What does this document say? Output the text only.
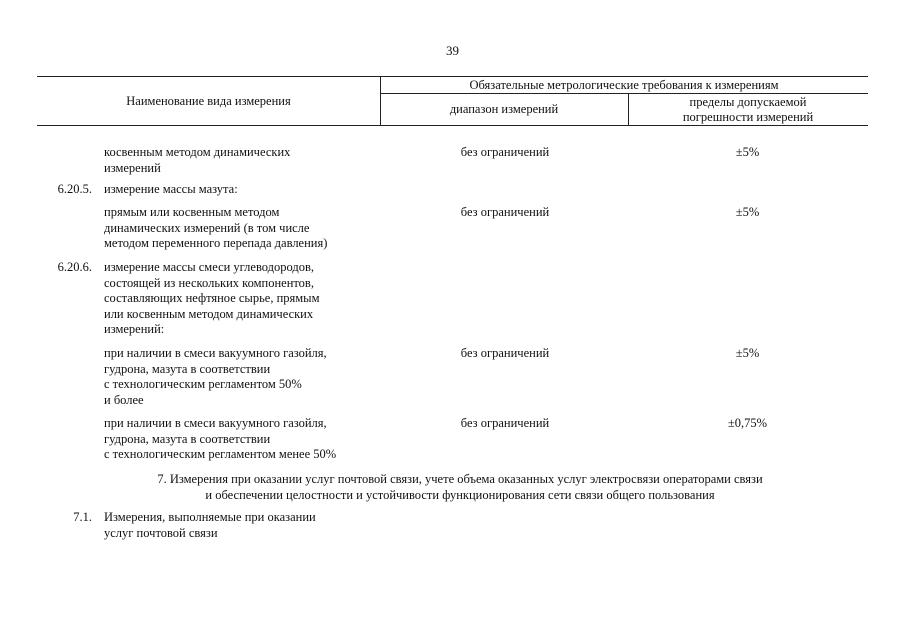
39
Наименование вида измерения
Обязательные метрологические требования к измерениям
диапазон измерений	пределы допускаемой
погрешности измерений
косвенным методом динамических
измерений
без ограничений	±5%
6.20.5. измерение массы мазута:
прямым или косвенным методом
динамических измерений (в том числе
методом переменного перепада давления)
без ограничений	±5%
6.20.6. измерение массы смеси углеводородов,
состоящей из нескольких компонентов,
составляющих нефтяное сырье, прямым
или косвенным методом динамических
измерений:
при наличии в смеси вакуумного газойля,
гудрона, мазута в соответствии
с технологическим регламентом 50%
и более
без ограничений	±5%
при наличии в смеси вакуумного газойля,
гудрона, мазута в соответствии
с технологическим регламентом менее 50%
без ограничений	±0,75%
7. Измерения при оказании услуг почтовой связи, учете объема оказанных услуг электросвязи операторами связи
и обеспечении целостности и устойчивости функционирования сети связи общего пользования
7.1. Измерения, выполняемые при оказании
услуг почтовой связи
